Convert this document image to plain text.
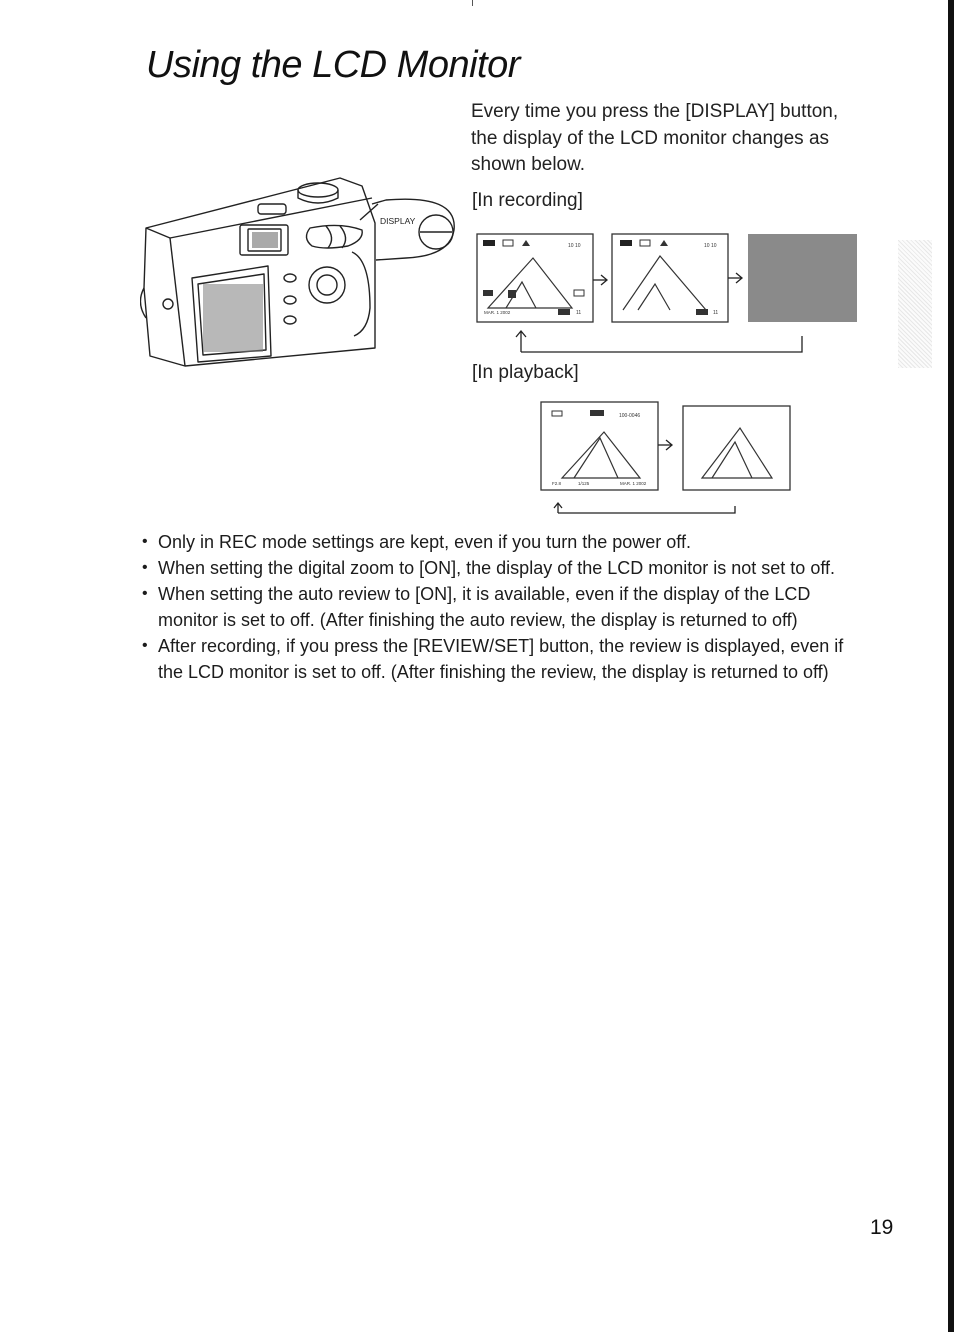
Using the LCD Monitor

Every time you press the [DISPLAY] button, the display of the LCD monitor changes as shown below.

DISPLAY

[In recording]

10 10
MAR. 1 2002	11
10 10
11

[In playback]

100-0046
F2.8	1/125	MAR. 1 2002
• Only in REC mode settings are kept, even if you turn the power off.
• When setting the digital zoom to [ON], the display of the LCD monitor is not set to off.
• When setting the auto review to [ON], it is available, even if the display of the LCD monitor is set to off. (After finishing the auto review, the display is returned to off)
• After recording, if you press the [REVIEW/SET] button, the review is displayed, even if the LCD monitor is set to off. (After finishing the review, the display is returned to off)
19
